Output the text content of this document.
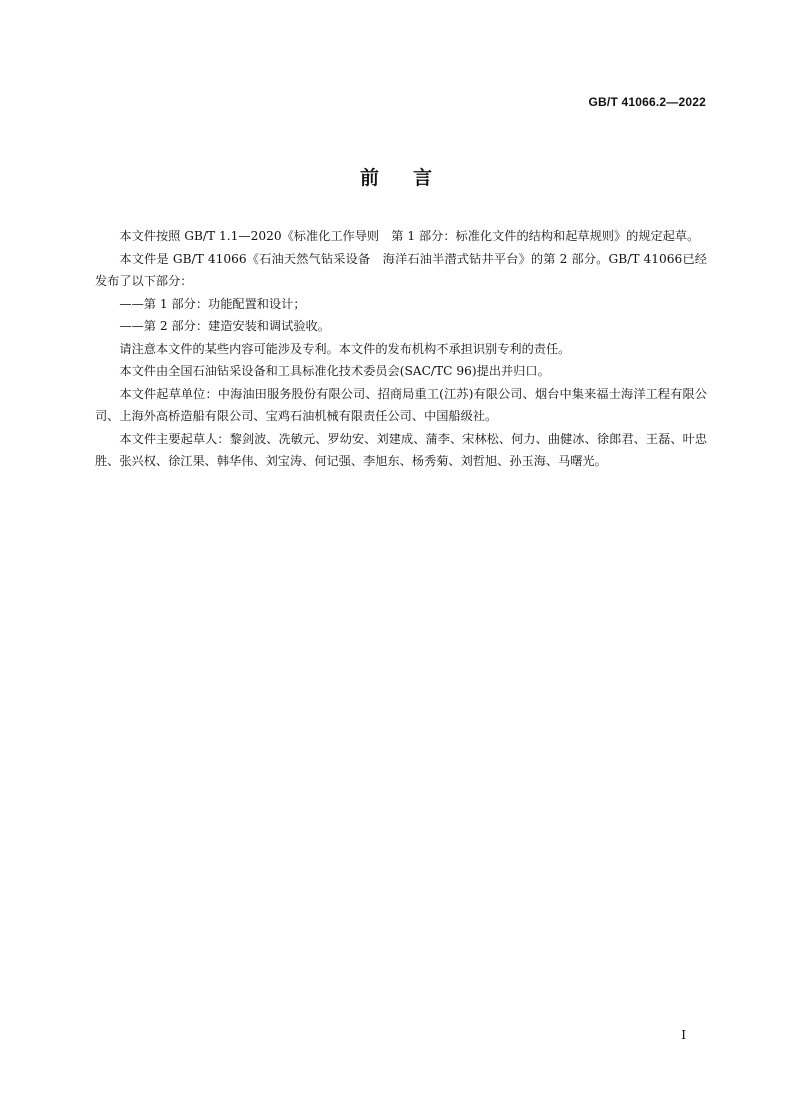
GB/T 41066.2—2022
前言

本文件按照 GB/T 1.1—2020《标准化工作导则　第 1 部分：标准化文件的结构和起草规则》的规定起草。

本文件是 GB/T 41066《石油天然气钻采设备　海洋石油半潜式钻井平台》的第 2 部分。GB/T 41066已经发布了以下部分：

——第 1 部分：功能配置和设计；

——第 2 部分：建造安装和调试验收。

请注意本文件的某些内容可能涉及专利。本文件的发布机构不承担识别专利的责任。

本文件由全国石油钻采设备和工具标准化技术委员会(SAC/TC 96)提出并归口。

本文件起草单位：中海油田服务股份有限公司、招商局重工(江苏)有限公司、烟台中集来福士海洋工程有限公司、上海外高桥造船有限公司、宝鸡石油机械有限责任公司、中国船级社。

本文件主要起草人：黎剑波、冼敏元、罗幼安、刘建成、蒲李、宋林松、何力、曲健冰、徐郎君、王磊、叶忠胜、张兴权、徐江果、韩华伟、刘宝涛、何记强、李旭东、杨秀菊、刘哲旭、孙玉海、马曙光。

I
